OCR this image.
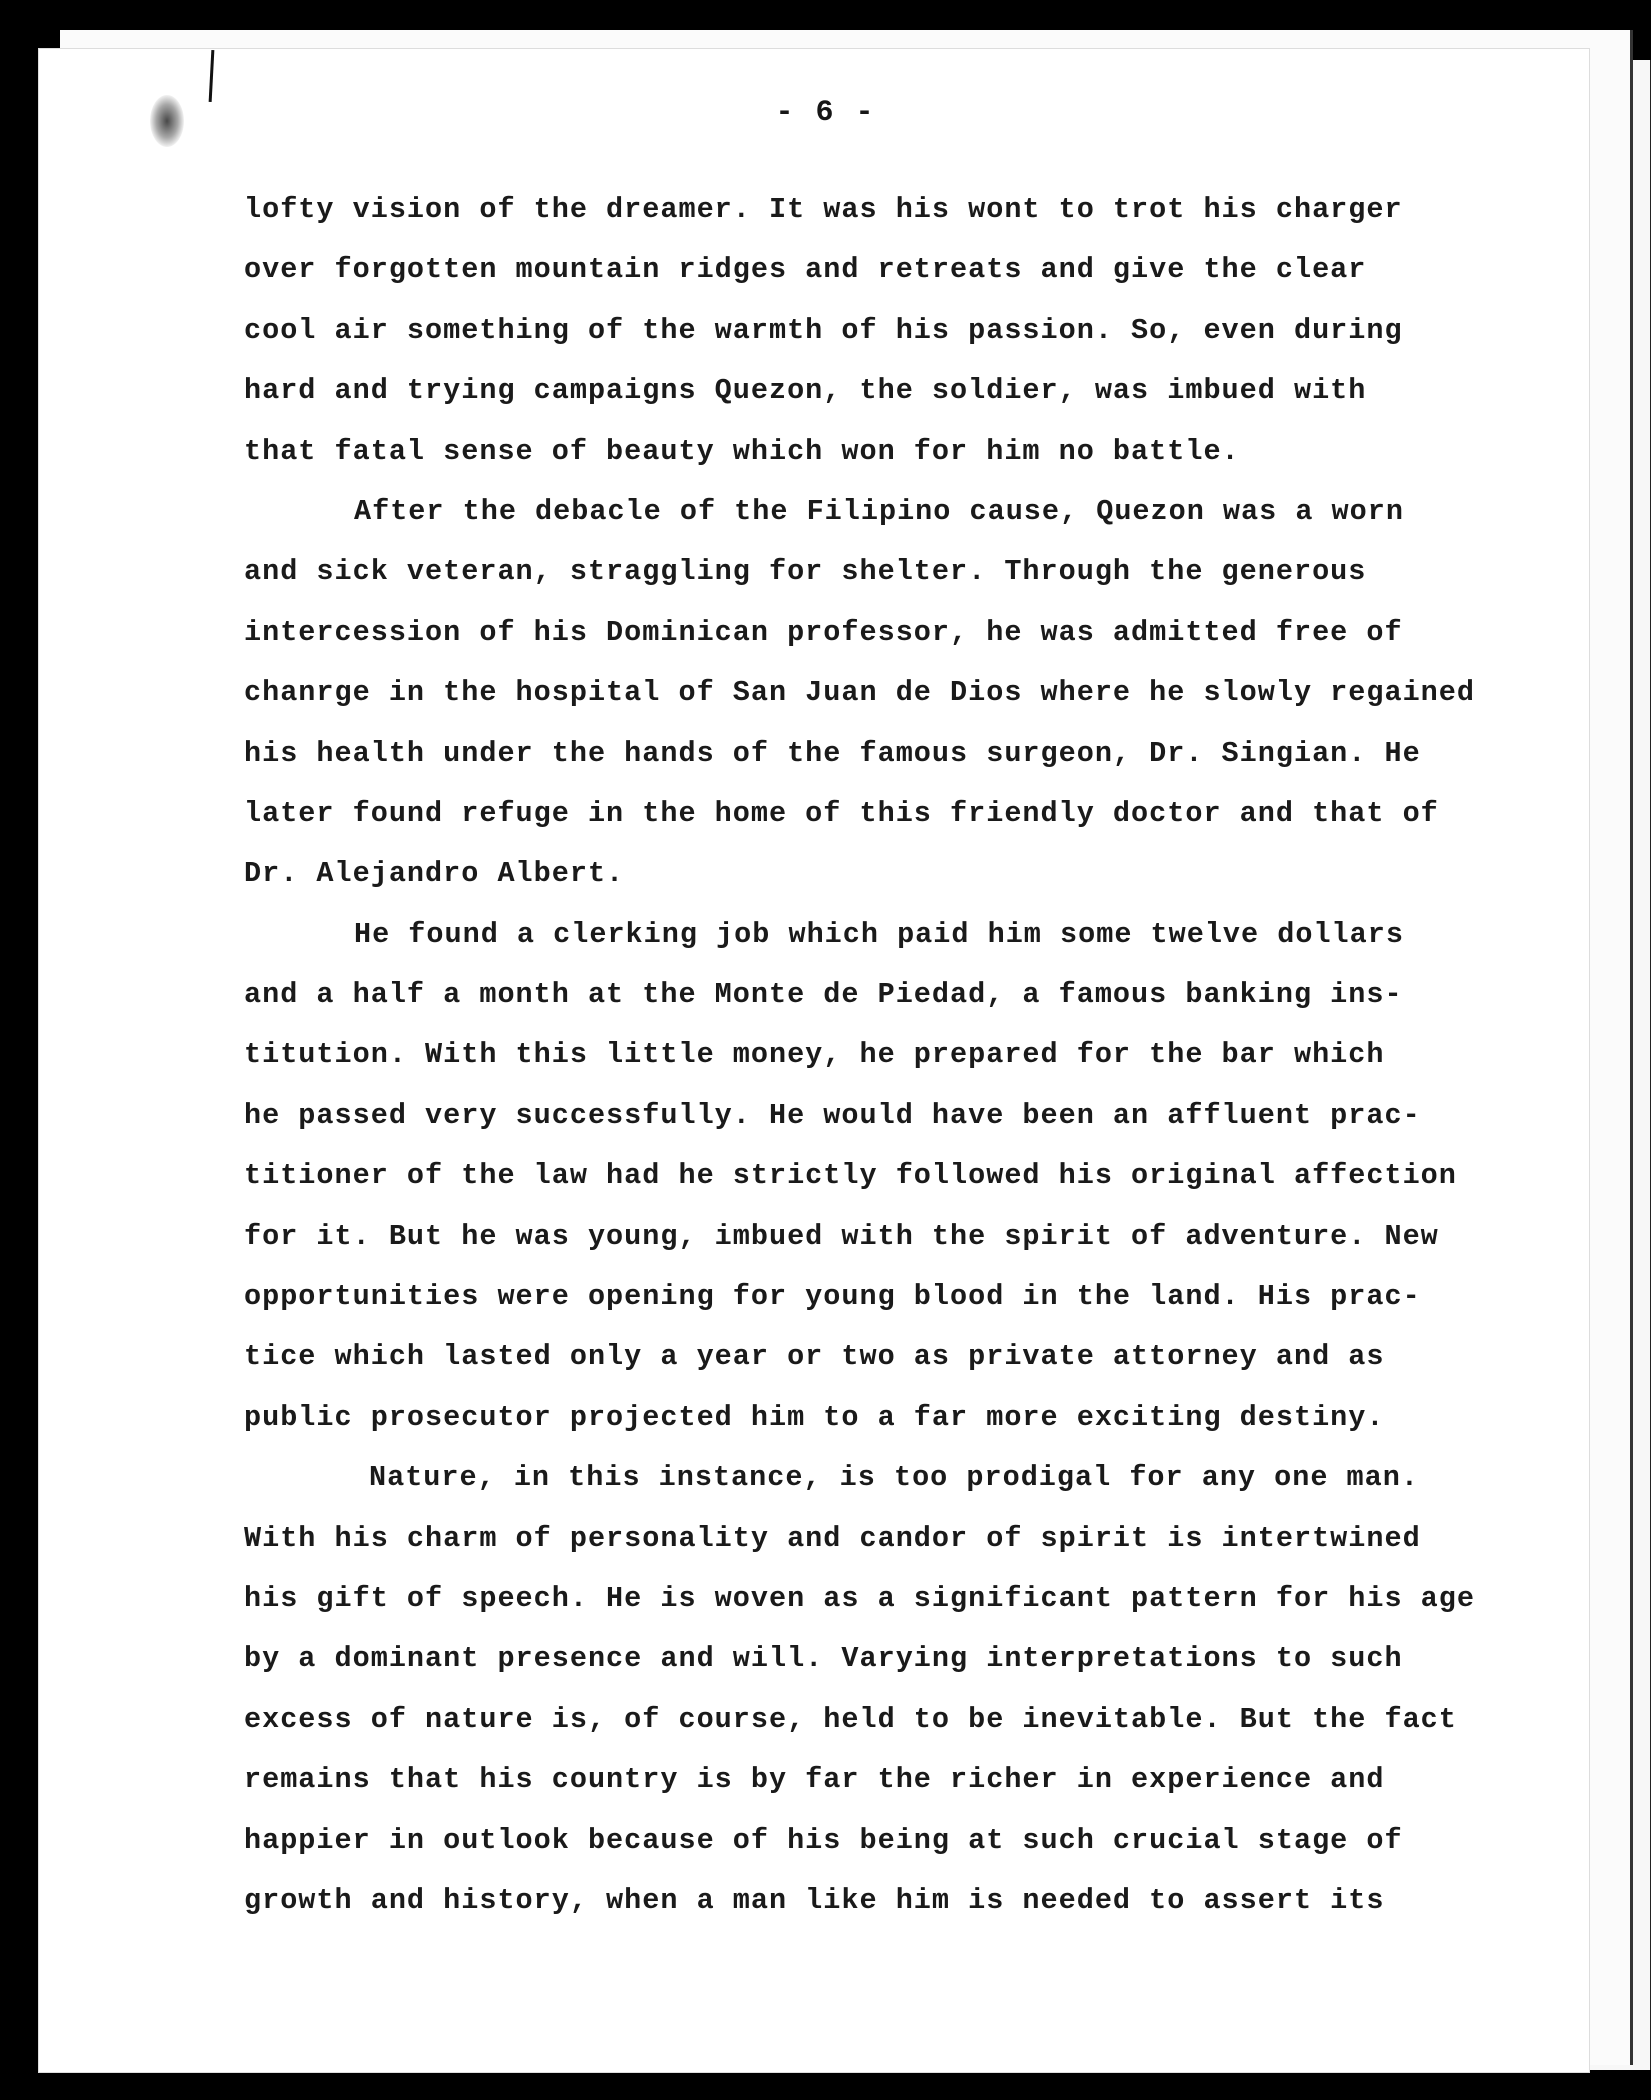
- 6 -
lofty vision of the dreamer. It was his wont to trot his charger
over forgotten mountain ridges and retreats and give the clear
cool air something of the warmth of his passion. So, even during
hard and trying campaigns Quezon, the soldier, was imbued with
that fatal sense of beauty which won for him no battle.
After the debacle of the Filipino cause, Quezon was a worn
and sick veteran, straggling for shelter. Through the generous
intercession of his Dominican professor, he was admitted free of
chanrge in the hospital of San Juan de Dios where he slowly regained
his health under the hands of the famous surgeon, Dr. Singian. He
later found refuge in the home of this friendly doctor and that of
Dr. Alejandro Albert.
He found a clerking job which paid him some twelve dollars
and a half a month at the Monte de Piedad, a famous banking ins-
titution. With this little money, he prepared for the bar which
he passed very successfully. He would have been an affluent prac-
titioner of the law had he strictly followed his original affection
for it. But he was young, imbued with the spirit of adventure. New
opportunities were opening for young blood in the land. His prac-
tice which lasted only a year or two as private attorney and as
public prosecutor projected him to a far more exciting destiny.
Nature, in this instance, is too prodigal for any one man.
With his charm of personality and candor of spirit is intertwined
his gift of speech. He is woven as a significant pattern for his age
by a dominant presence and will. Varying interpretations to such
excess of nature is, of course, held to be inevitable. But the fact
remains that his country is by far the richer in experience and
happier in outlook because of his being at such crucial stage of
growth and history, when a man like him is needed to assert its
